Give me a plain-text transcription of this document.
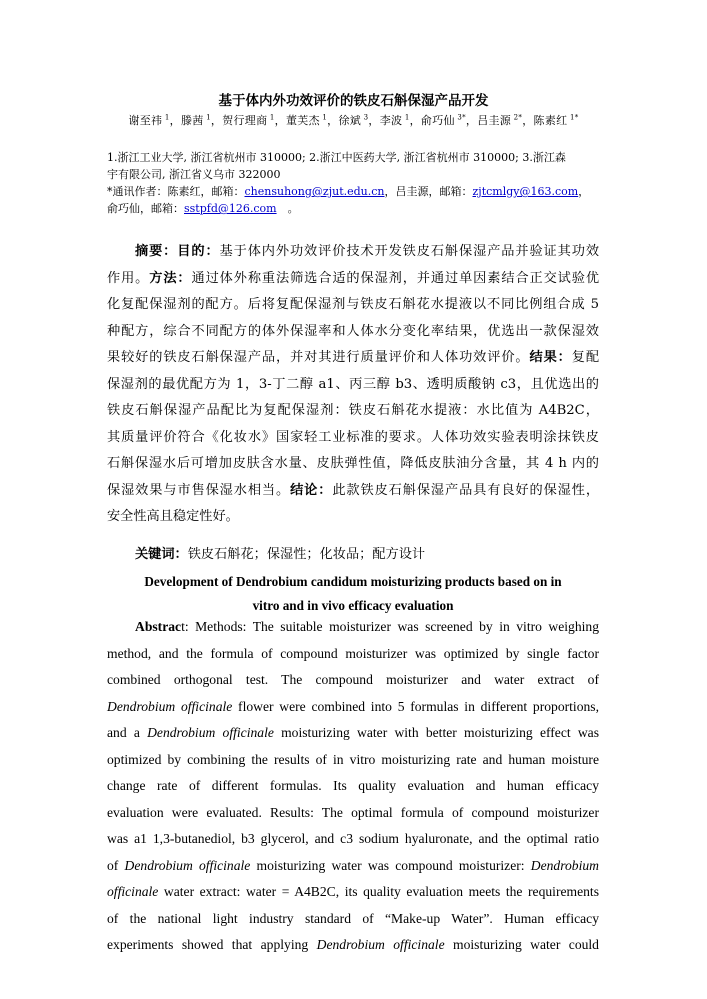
基于体内外功效评价的铁皮石斛保湿产品开发
谢至祎 $^1$，滕茜 $^1$，贺行理商 $^1$，董芙杰 $^1$，徐斌 $^3$，李波 $^1$，俞巧仙 $^{3*}$，吕圭源 $^{2*}$，陈素红 $^{1*}$
1.浙江工业大学, 浙江省杭州市 310000; 2.浙江中医药大学, 浙江省杭州市 310000; 3.浙江森
宇有限公司, 浙江省义乌市 322000
*通讯作者：陈素红，邮箱：chensuhong@zjut.edu.cn，吕圭源，邮箱：zjtcmlgy@163.com，
俞巧仙，邮箱：sstpfd@126.com　。
摘要：目的：基于体内外功效评价技术开发铁皮石斛保湿产品并验证其功效
作用。方法：通过体外称重法筛选合适的保湿剂，并通过单因素结合正交试验优
化复配保湿剂的配方。后将复配保湿剂与铁皮石斛花水提液以不同比例组合成 5
种配方，综合不同配方的体外保湿率和人体水分变化率结果，优选出一款保湿效
果较好的铁皮石斛保湿产品，并对其进行质量评价和人体功效评价。结果：复配
保湿剂的最优配方为 1，3-丁二醇 a1、丙三醇 b3、透明质酸钠 c3，且优选出的
铁皮石斛保湿产品配比为复配保湿剂：铁皮石斛花水提液：水比值为 A4B2C，
其质量评价符合《化妆水》国家轻工业标准的要求。人体功效实验表明涂抹铁皮
石斛保湿水后可增加皮肤含水量、皮肤弹性值，降低皮肤油分含量，其 4 h 内的
保湿效果与市售保湿水相当。结论：此款铁皮石斛保湿产品具有良好的保湿性，
安全性高且稳定性好。
关键词：铁皮石斛花；保湿性；化妆品；配方设计
Development of Dendrobium candidum moisturizing products based on in
vitro and in vivo efficacy evaluation
Abstract: Methods: The suitable moisturizer was screened by in vitro weighing
method, and the formula of compound moisturizer was optimized by single factor
combined orthogonal test. The compound moisturizer and water extract of
Dendrobium officinale flower were combined into 5 formulas in different proportions,
and a Dendrobium officinale moisturizing water with better moisturizing effect was
optimized by combining the results of in vitro moisturizing rate and human moisture
change rate of different formulas. Its quality evaluation and human efficacy
evaluation were evaluated. Results: The optimal formula of compound moisturizer
was a1 1,3-butanediol, b3 glycerol, and c3 sodium hyaluronate, and the optimal ratio
of Dendrobium officinale moisturizing water was compound moisturizer: Dendrobium
officinale water extract: water = A4B2C, its quality evaluation meets the requirements
of the national light industry standard of “Make-up Water”. Human efficacy
experiments showed that applying Dendrobium officinale moisturizing water could
